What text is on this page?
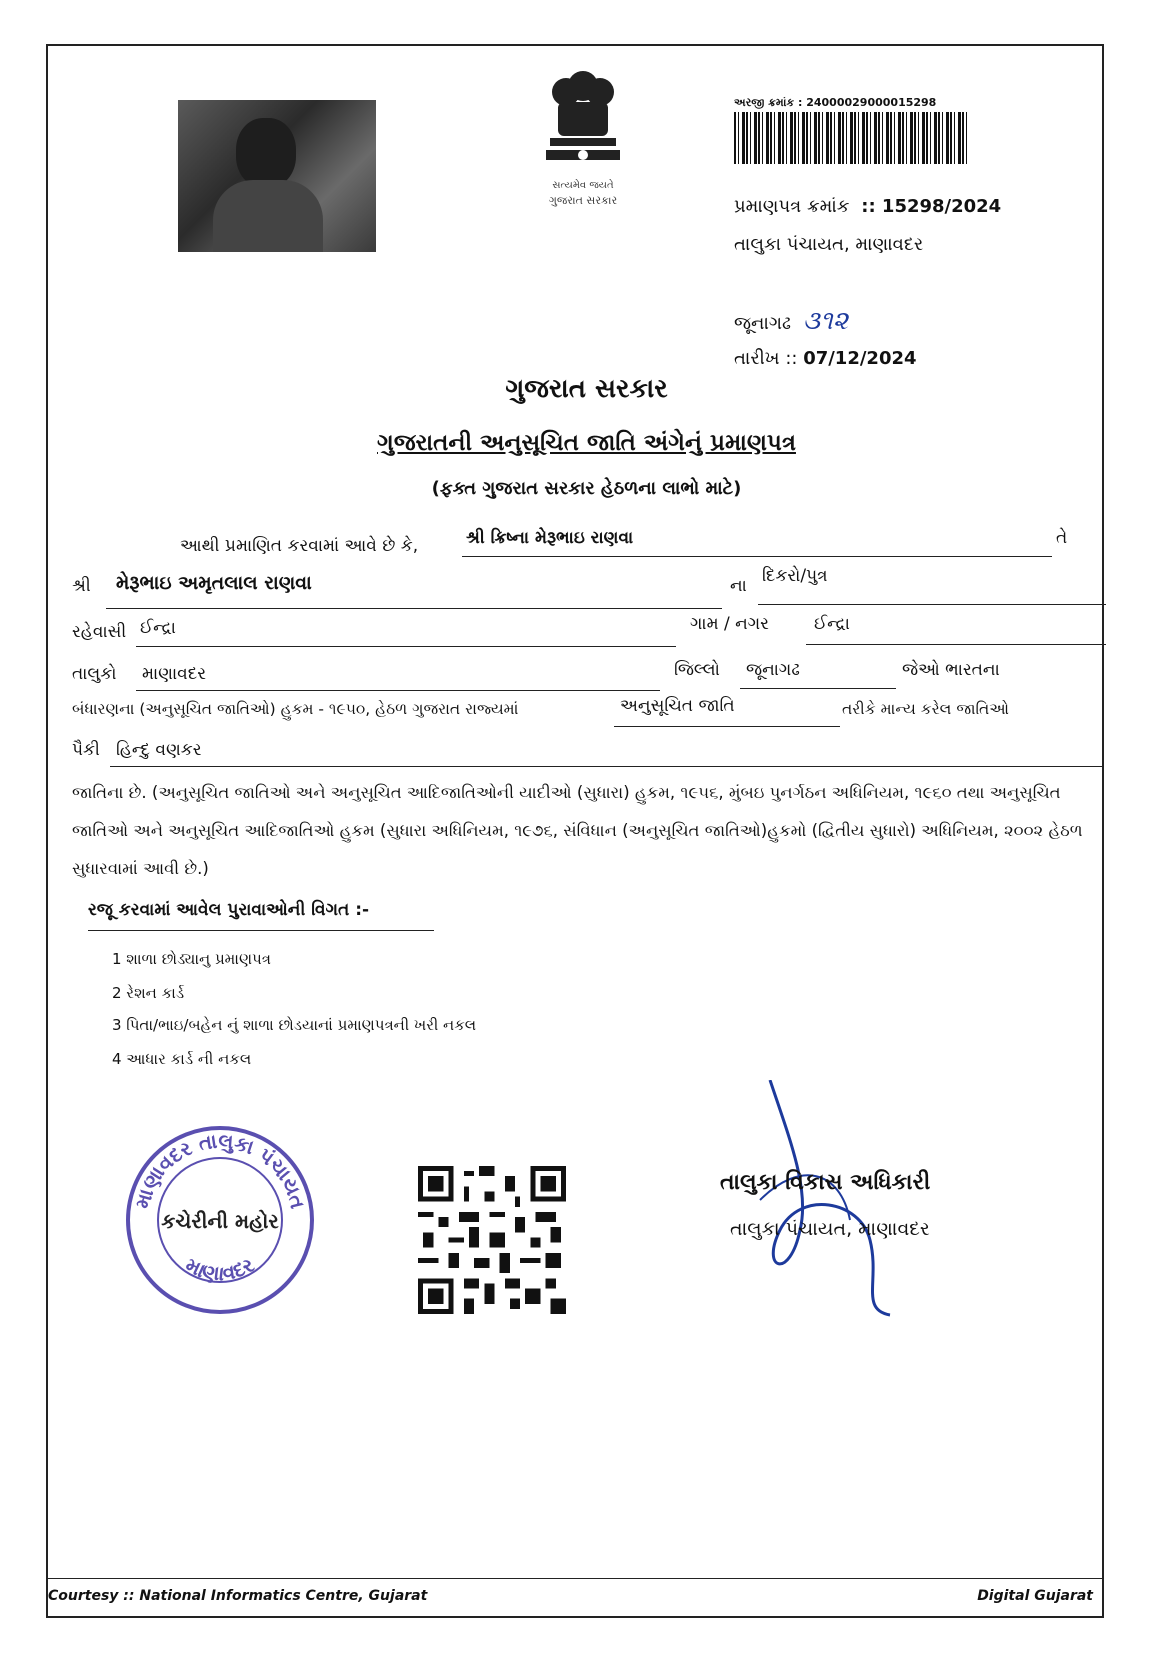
સત્યમેવ જયતે
ગુજરાત સરકાર
અરજી ક્રમાંક : 24000029000015298
પ્રમાણપત્ર ક્રમાંક :: 15298/2024
તાલુકા પંચાયત, માણાવદર
જૂનાગઢ ૩૧૨
તારીખ :: 07/12/2024
ગુજરાત સરકાર
ગુજરાતની અનુસૂચિત જાતિ અંગેનું પ્રમાણપત્ર
(ફક્ત ગુજરાત સરકાર હેઠળના લાભો માટે)
આથી પ્રમાણિત કરવામાં આવે છે કે,	શ્રી ક્રિષ્ના મેરૂભાઇ રાણવા	તે
શ્રી મેરૂભાઇ અમૃતલાલ રાણવા	ના દિકરો/પુત્ર
રહેવાસી ઈન્દ્રા	ગામ / નગર	ઈન્દ્રા
તાલુકો માણાવદર	જિલ્લો જૂનાગઢ	જેઓ ભારતના
બંધારણના (અનુસૂચિત જાતિઓ) હુકમ - ૧૯૫૦, હેઠળ ગુજરાત રાજ્યમાં	અનુસૂચિત જાતિ	તરીકે માન્ય કરેલ જાતિઓ
પૈકી હિન્દુ વણકર
જાતિના છે. (અનુસૂચિત જાતિઓ અને અનુસૂચિત આદિજાતિઓની યાદીઓ (સુધારા) હુકમ, ૧૯૫૬, મુંબઇ પુનર્ગઠન અધિનિયમ, ૧૯૬૦ તથા અનુસૂચિત જાતિઓ અને અનુસૂચિત આદિજાતિઓ હુકમ (સુધારા અધિનિયમ, ૧૯૭૬, સંવિધાન (અનુસૂચિત જાતિઓ)હુકમો (દ્વિતીય સુધારો) અધિનિયમ, ૨૦૦૨ હેઠળ સુધારવામાં આવી છે.)
રજૂ કરવામાં આવેલ પુરાવાઓની વિગત :-
1 શાળા છોડ્યાનુ પ્રમાણપત્ર
2 રેશન કાર્ડ
3 પિતા/ભાઇ/બહેન નું શાળા છોડયાનાં પ્રમાણપત્રની ખરી નકલ
4 આધાર કાર્ડ ની નકલ
માણાવદર તાલુકા પંચાયત
કચેરીની મહોર
માણાવદર
તાલુકા વિકાસ અધિકારી
તાલુકા પંચાયત, માણાવદર
Courtesy :: National Informatics Centre, Gujarat	Digital Gujarat
